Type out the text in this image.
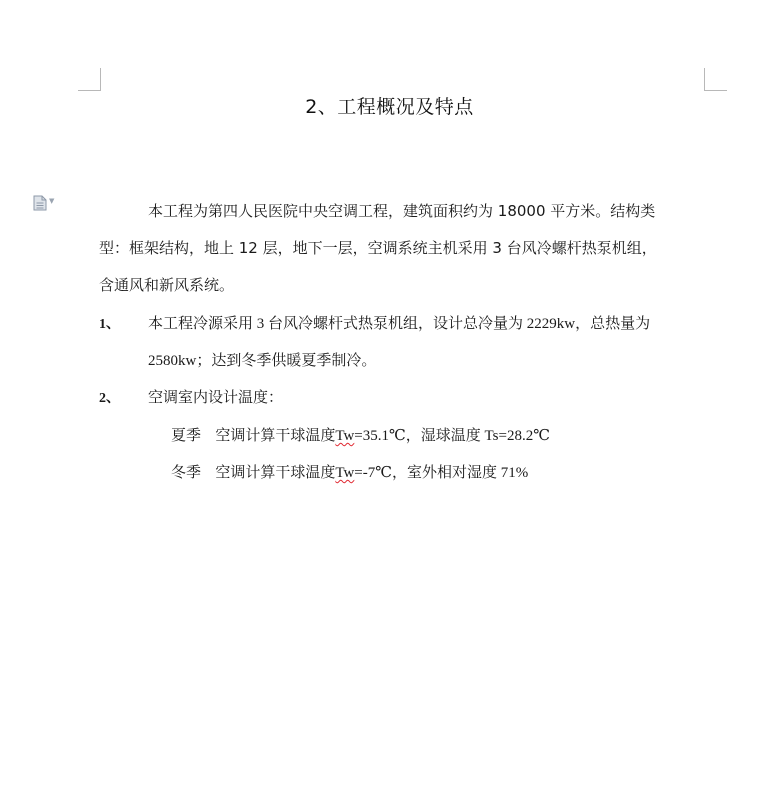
▼
2、工程概况及特点
本工程为第四人民医院中央空调工程，建筑面积约为 18000 平方米。结构类
型：框架结构，地上 12 层，地下一层，空调系统主机采用 3 台风冷螺杆热泵机组，
含通风和新风系统。
1、 本工程冷源采用 3 台风冷螺杆式热泵机组，设计总冷量为 2229kw，总热量为
2580kw；达到冬季供暖夏季制冷。
2、 空调室内设计温度：
夏季 空调计算干球温度Tw=35.1℃，湿球温度 Ts=28.2℃
冬季 空调计算干球温度Tw=-7℃，室外相对湿度 71%
